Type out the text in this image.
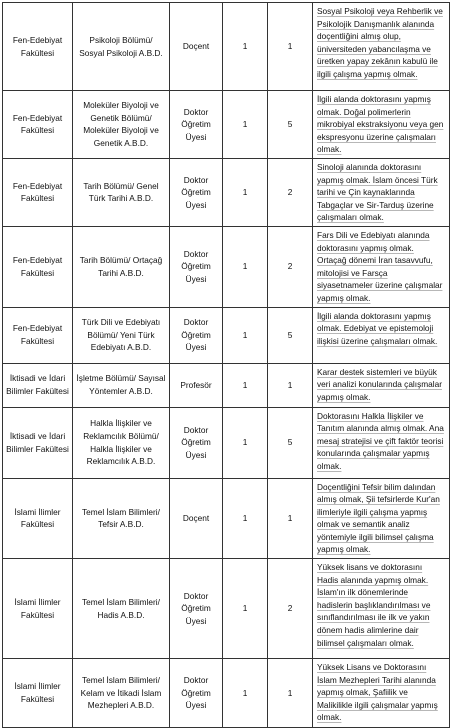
Fen-Edebiyat Fakültesi	Psikoloji Bölümü/ Sosyal Psikoloji A.B.D.	Doçent	1	1	Sosyal Psikoloji veya Rehberlik ve Psikolojik Danışmanlık alanında doçentliğini almış olup, üniversiteden yabancılaşma ve üretken yapay zekânın kabulü ile ilgili çalışma yapmış olmak.
Fen-Edebiyat Fakültesi	Moleküler Biyoloji ve Genetik Bölümü/ Moleküler Biyoloji ve Genetik A.B.D.	Doktor Öğretim Üyesi	1	5	İlgili alanda doktorasını yapmış olmak. Doğal polimerlerin mikrobiyal ekstraksiyonu veya gen ekspresyonu üzerine çalışmaları olmak.
Fen-Edebiyat Fakültesi	Tarih Bölümü/ Genel Türk Tarihi A.B.D.	Doktor Öğretim Üyesi	1	2	Sinoloji alanında doktorasını yapmış olmak. İslam öncesi Türk tarihi ve Çin kaynaklarında Tabgaçlar ve Sir-Tarduş üzerine çalışmaları olmak.
Fen-Edebiyat Fakültesi	Tarih Bölümü/ Ortaçağ Tarihi A.B.D.	Doktor Öğretim Üyesi	1	2	Fars Dili ve Edebiyatı alanında doktorasını yapmış olmak. Ortaçağ dönemi İran tasavvufu, mitolojisi ve Farsça siyasetnameler üzerine çalışmalar yapmış olmak.
Fen-Edebiyat Fakültesi	Türk Dili ve Edebiyatı Bölümü/ Yeni Türk Edebiyatı A.B.D.	Doktor Öğretim Üyesi	1	5	İlgili alanda doktorasını yapmış olmak. Edebiyat ve epistemoloji ilişkisi üzerine çalışmaları olmak.
İktisadi ve İdari Bilimler Fakültesi	İşletme Bölümü/ Sayısal Yöntemler A.B.D.	Profesör	1	1	Karar destek sistemleri ve büyük veri analizi konularında çalışmalar yapmış olmak.
İktisadi ve İdari Bilimler Fakültesi	Halkla İlişkiler ve Reklamcılık Bölümü/ Halkla İlişkiler ve Reklamcılık A.B.D.	Doktor Öğretim Üyesi	1	5	Doktorasını Halkla İlişkiler ve Tanıtım alanında almış olmak. Ana mesaj stratejisi ve çift faktör teorisi konularında çalışmalar yapmış olmak.
İslami İlimler Fakültesi	Temel İslam Bilimleri/ Tefsir A.B.D.	Doçent	1	1	Doçentliğini Tefsir bilim dalından almış olmak, Şii tefsirlerde Kur'an ilimleriyle ilgili çalışma yapmış olmak ve semantik analiz yöntemiyle ilgili bilimsel çalışma yapmış olmak.
İslami İlimler Fakültesi	Temel İslam Bilimleri/ Hadis A.B.D.	Doktor Öğretim Üyesi	1	2	Yüksek lisans ve doktorasını Hadis alanında yapmış olmak. İslam'ın ilk dönemlerinde hadislerin başlıklandırılması ve sınıflandırılması ile ilk ve yakın dönem hadis alimlerine dair bilimsel çalışmaları olmak.
İslami İlimler Fakültesi	Temel İslam Bilimleri/ Kelam ve İtikadi İslam Mezhepleri A.B.D.	Doktor Öğretim Üyesi	1	1	Yüksek Lisans ve Doktorasını İslam Mezhepleri Tarihi alanında yapmış olmak, Şafiilik ve Malikilikle ilgili çalışmalar yapmış olmak.
